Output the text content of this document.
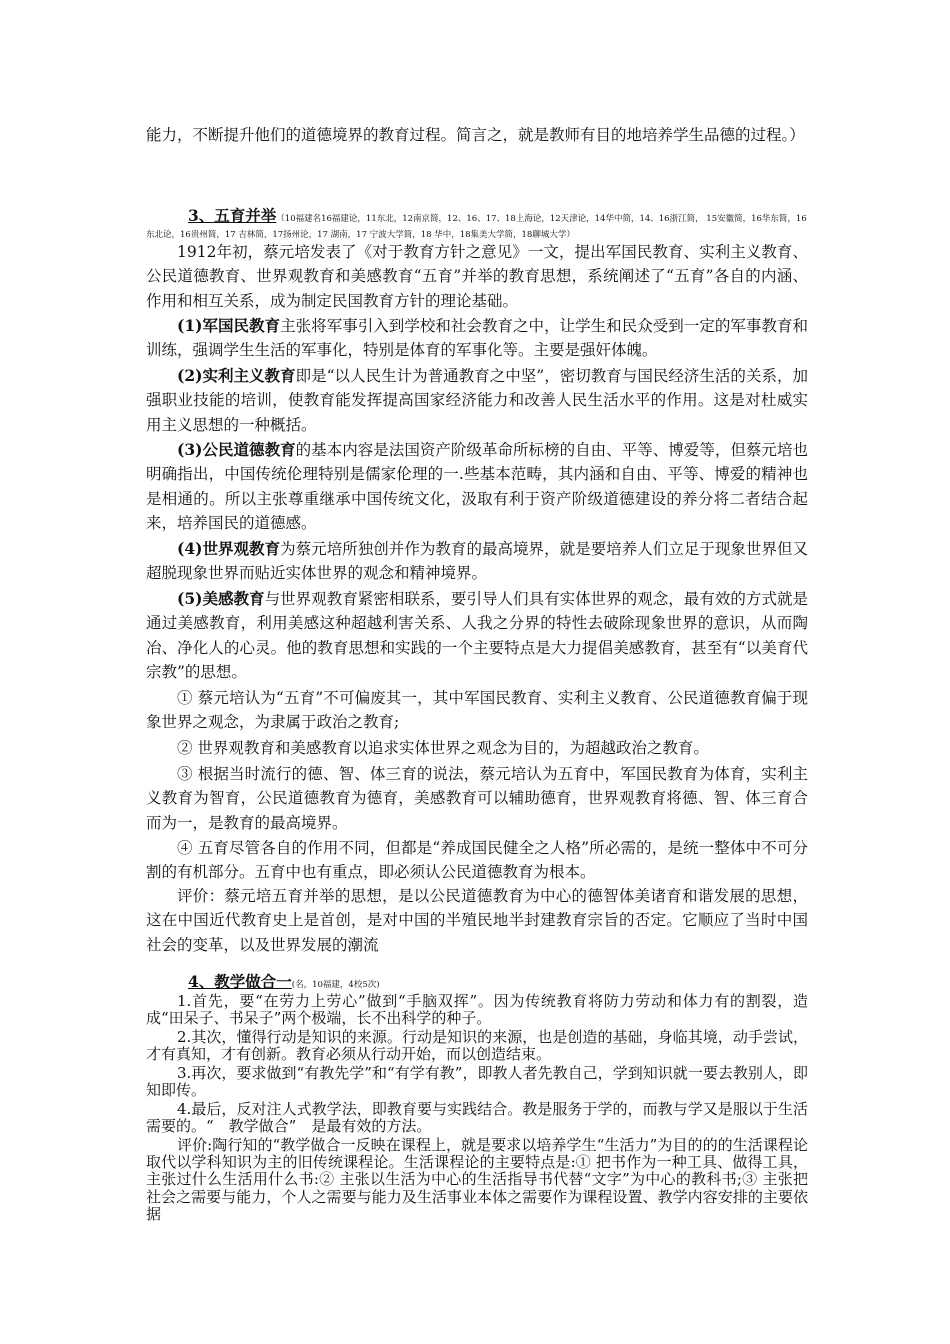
能力，不断提升他们的道德境界的教育过程。简言之，就是教师有目的地培养学生品德的过程。）

3、五育并举（10福建名16福建论，11东北，12南京简，12、16、17、18上海论，12天津论，14华中简，14、16浙江简， 15安徽简，16华东简，16 东北论，16贵州简，17 吉林简，17扬州论，17 湖南，17 宁波大学简，18 华中，18集美大学简，18聊城大学）

1912年初，蔡元培发表了《对于教育方针之意见》一文，提出军国民教育、实利主义教育、公民道德教育、世界观教育和美感教育“五育”并举的教育思想，系统阐述了“五育”各自的内涵、作用和相互关系，成为制定民国教育方针的理论基础。

(1)军国民教育主张将军事引入到学校和社会教育之中，让学生和民众受到一定的军事教育和训练，强调学生生活的军事化，特别是体育的军事化等。主要是强奸体魄。

(2)实利主义教育即是“以人民生计为普通教育之中坚”，密切教育与国民经济生活的关系，加强职业技能的培训，使教育能发挥提高国家经济能力和改善人民生活水平的作用。这是对杜威实用主义思想的一种概括。

(3)公民道德教育的基本内容是法国资产阶级革命所标榜的自由、平等、博爱等，但蔡元培也明确指出，中国传统伦理特别是儒家伦理的一.些基本范畴，其内涵和自由、平等、博爱的精神也是相通的。所以主张尊重继承中国传统文化，汲取有利于资产阶级道德建设的养分将二者结合起来，培养国民的道德感。

(4)世界观教育为蔡元培所独创并作为教育的最高境界，就是要培养人们立足于现象世界但又超脱现象世界而贴近实体世界的观念和精神境界。

(5)美感教育与世界观教育紧密相联系，要引导人们具有实体世界的观念，最有效的方式就是通过美感教育，利用美感这种超越利害关系、人我之分界的特性去破除现象世界的意识，从而陶冶、净化人的心灵。他的教育思想和实践的一个主要特点是大力提倡美感教育，甚至有“以美育代宗教”的思想。

① 蔡元培认为“五育”不可偏废其一，其中军国民教育、实利主义教育、公民道德教育偏于现象世界之观念，为隶属于政治之教育;

② 世界观教育和美感教育以追求实体世界之观念为目的，为超越政治之教育。

③ 根据当时流行的德、智、体三育的说法，蔡元培认为五育中，军国民教育为体育，实利主义教育为智育，公民道德教育为德育，美感教育可以辅助德育，世界观教育将德、智、体三育合而为一，是教育的最高境界。

④ 五育尽管各自的作用不同，但都是“养成国民健全之人格”所必需的，是统一整体中不可分割的有机部分。五育中也有重点，即必须认公民道德教育为根本。

评价：蔡元培五育并举的思想，是以公民道德教育为中心的德智体美诸育和谐发展的思想，这在中国近代教育史上是首创，是对中国的半殖民地半封建教育宗旨的否定。它顺应了当时中国社会的变革，以及世界发展的潮流

4、教学做合一(名，10福建，4校5次)

1.首先，要“在劳力上劳心”做到“手脑双挥”。因为传统教育将防力劳动和体力有的割裂，造成“田呆子、书呆子”两个极端，长不出科学的种子。

2.其次，懂得行动是知识的来源。行动是知识的来源，也是创造的基础，身临其境，动手尝试，才有真知，才有创新。教育必须从行动开始，而以创造结束。

3.再次，要求做到“有教先学”和“有学有教”，即教人者先教自己，学到知识就一要去教别人，即知即传。

4.最后，反对注人式教学法，即教育要与实践结合。教是服务于学的，而教与学又是服以于生活需要的。“　教学做合”　是最有效的方法。

评价:陶行知的“教学做合一反映在课程上，就是要求以培养学生“生活力”为目的的的生活课程论取代以学科知识为主的旧传统课程论。生活课程论的主要特点是:① 把书作为一种工具、做得工具，主张过什么生活用什么书:② 主张以生活为中心的生活指导书代替“文字”为中心的教科书;③ 主张把社会之需要与能力，个人之需要与能力及生活事业本体之需要作为课程设置、教学内容安排的主要依据
